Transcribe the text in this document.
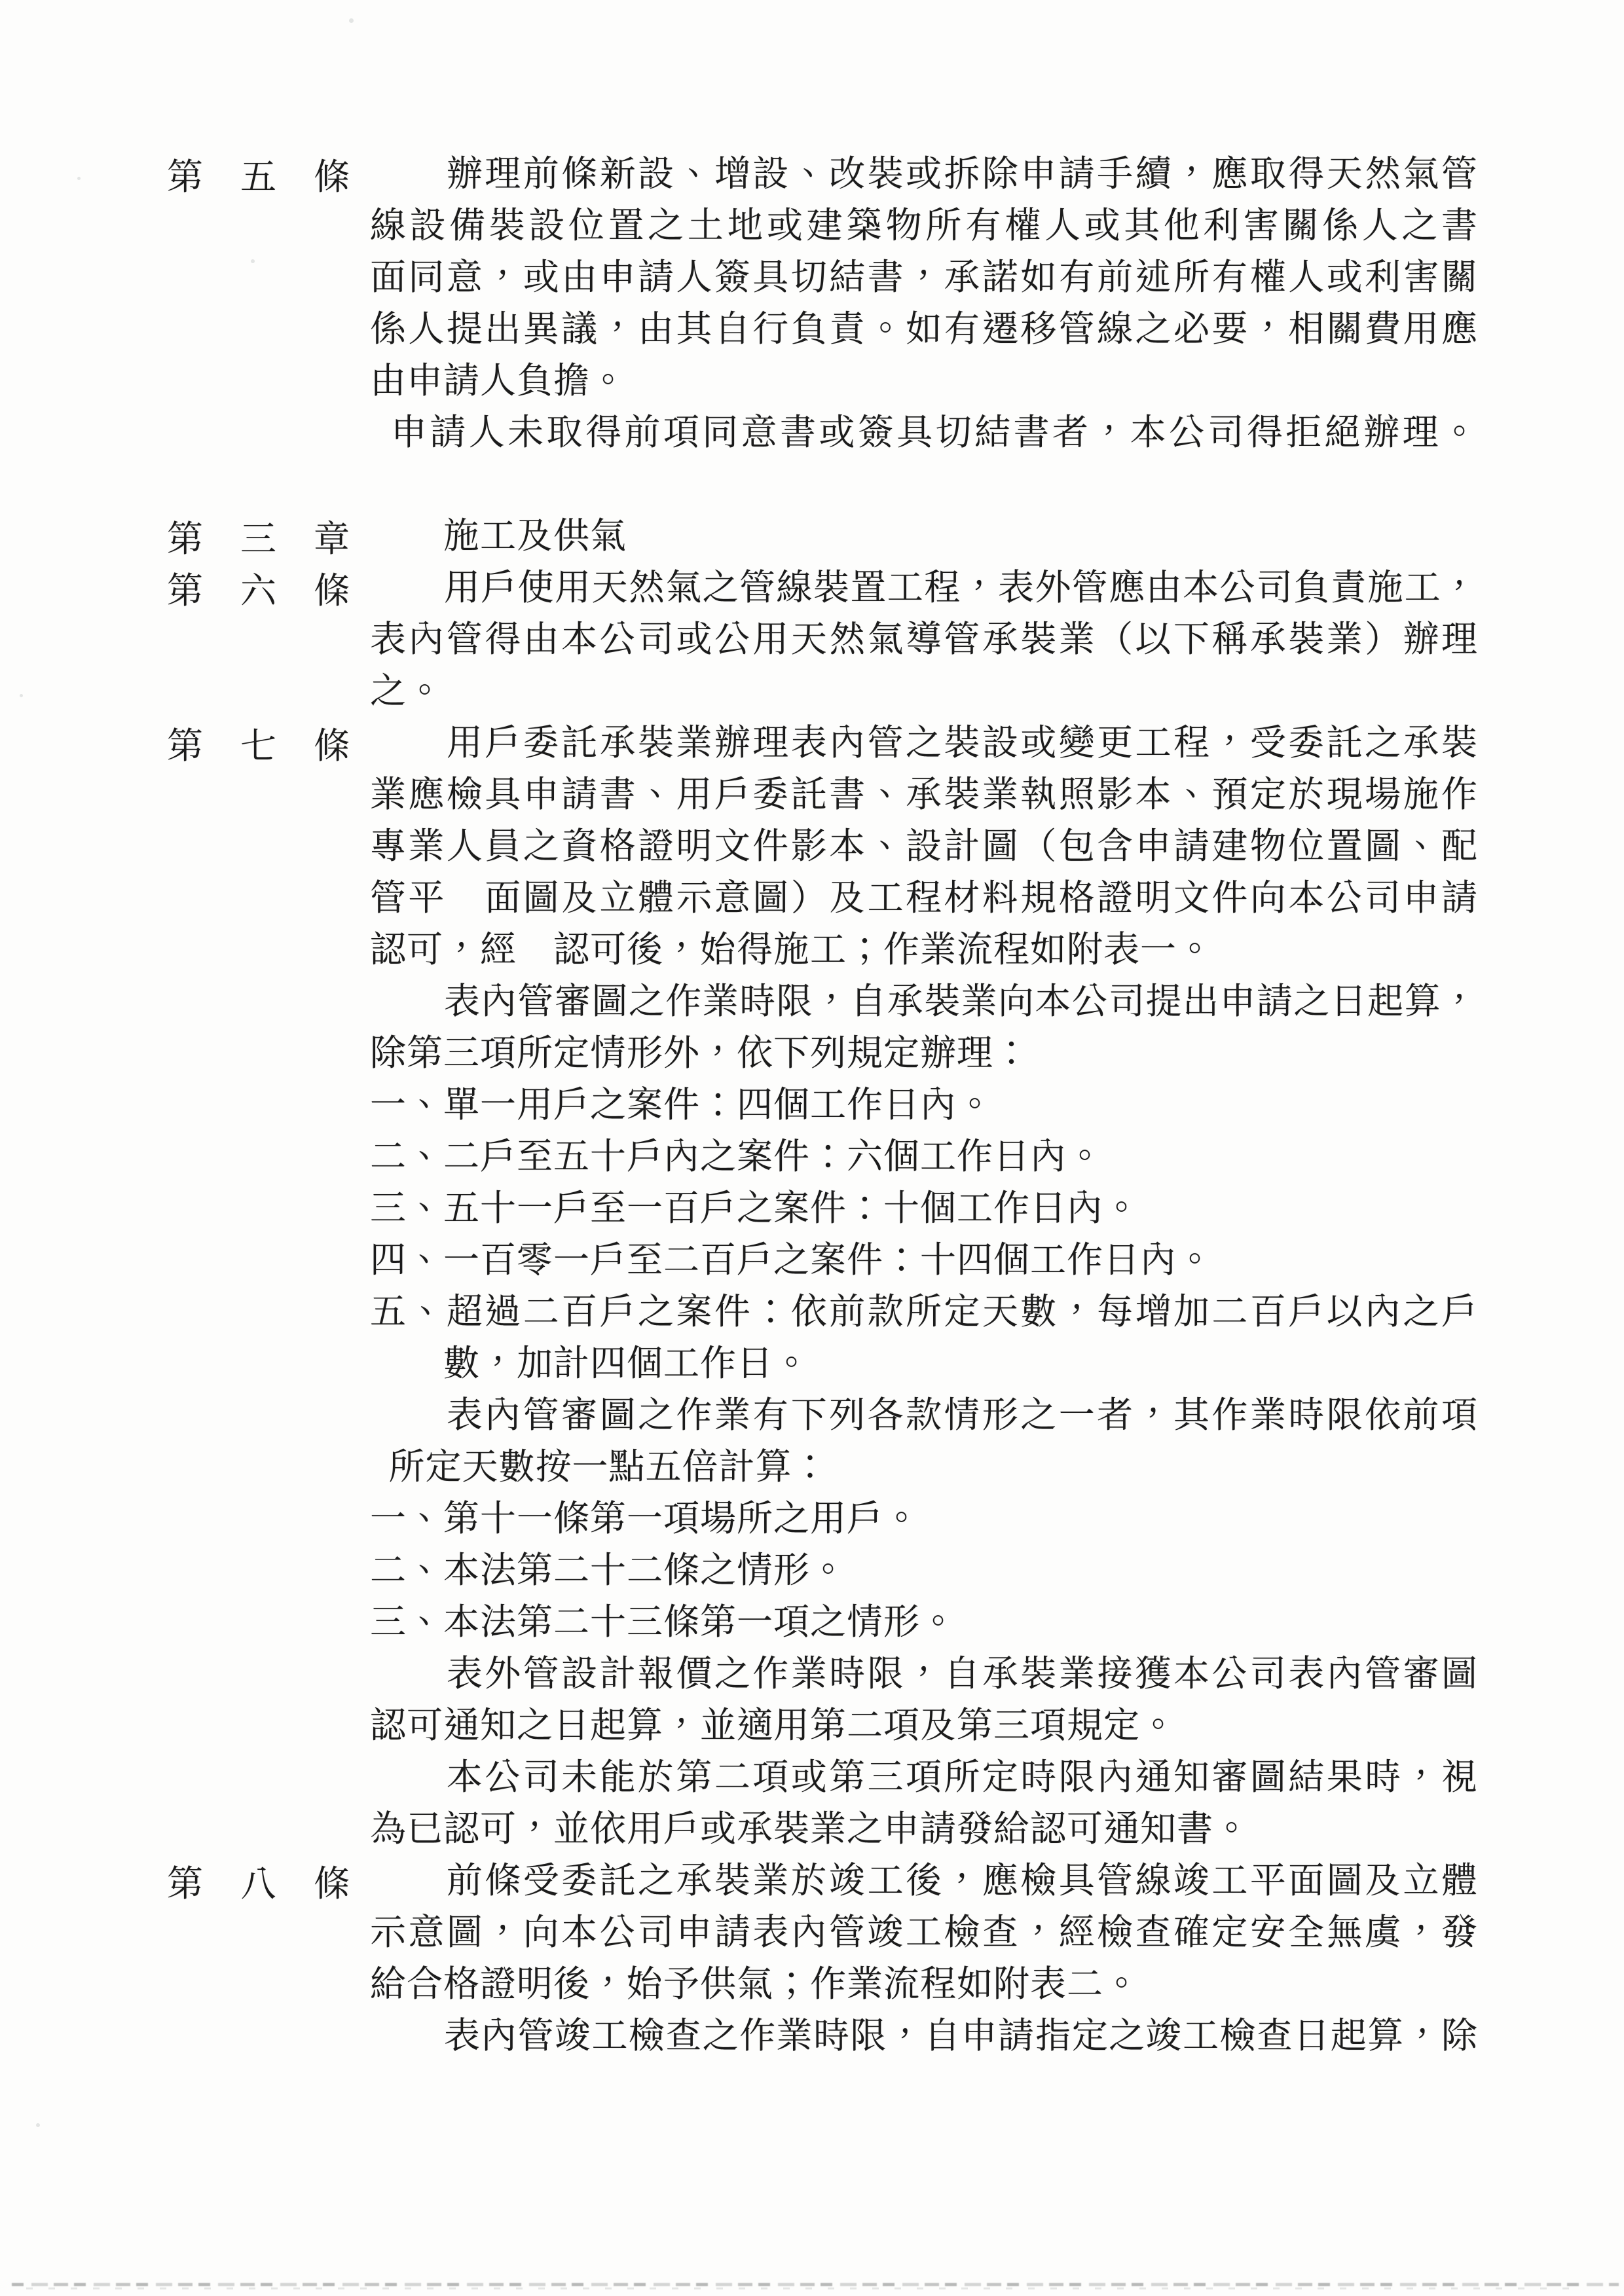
第　五　條 　　辦理前條新設、增設、改裝或拆除申請手續，應取得天然氣管
線設備裝設位置之土地或建築物所有權人或其他利害關係人之書
面同意，或由申請人簽具切結書，承諾如有前述所有權人或利害關
係人提出異議，由其自行負責。如有遷移管線之必要，相關費用應
由申請人負擔。
 申請人未取得前項同意書或簽具切結書者，本公司得拒絕辦理。
第　三　章 　　施工及供氣
第　六　條 　　用戶使用天然氣之管線裝置工程，表外管應由本公司負責施工，
表內管得由本公司或公用天然氣導管承裝業（以下稱承裝業）辦理
之。
第　七　條 　　用戶委託承裝業辦理表內管之裝設或變更工程，受委託之承裝
業應檢具申請書、用戶委託書、承裝業執照影本、預定於現場施作
專業人員之資格證明文件影本、設計圖（包含申請建物位置圖、配
管平　面圖及立體示意圖）及工程材料規格證明文件向本公司申請
認可，經　認可後，始得施工；作業流程如附表一。
　　表內管審圖之作業時限，自承裝業向本公司提出申請之日起算，
除第三項所定情形外，依下列規定辦理：
一、單一用戶之案件：四個工作日內。
二、二戶至五十戶內之案件：六個工作日內。
三、五十一戶至一百戶之案件：十個工作日內。
四、一百零一戶至二百戶之案件：十四個工作日內。
五、超過二百戶之案件：依前款所定天數，每增加二百戶以內之戶
　　數，加計四個工作日。
　　表內管審圖之作業有下列各款情形之一者，其作業時限依前項
 所定天數按一點五倍計算：
一、第十一條第一項場所之用戶。
二、本法第二十二條之情形。
三、本法第二十三條第一項之情形。
　　表外管設計報價之作業時限，自承裝業接獲本公司表內管審圖
認可通知之日起算，並適用第二項及第三項規定。
　　本公司未能於第二項或第三項所定時限內通知審圖結果時，視
為已認可，並依用戶或承裝業之申請發給認可通知書。
第　八　條 　　前條受委託之承裝業於竣工後，應檢具管線竣工平面圖及立體
示意圖，向本公司申請表內管竣工檢查，經檢查確定安全無虞，發
給合格證明後，始予供氣；作業流程如附表二。
　　表內管竣工檢查之作業時限，自申請指定之竣工檢查日起算，除
